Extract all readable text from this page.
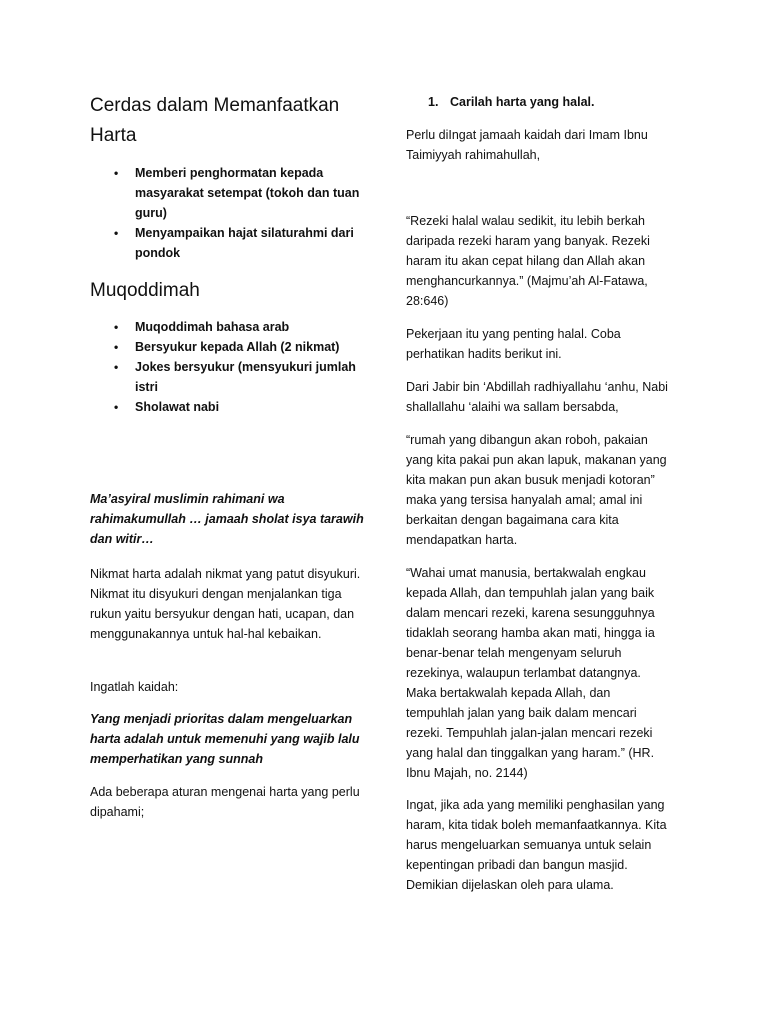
Cerdas dalam Memanfaatkan Harta
• Memberi penghormatan kepada masyarakat setempat (tokoh dan tuan guru)
• Menyampaikan hajat silaturahmi dari pondok
Muqoddimah
• Muqoddimah bahasa arab
• Bersyukur kepada Allah (2 nikmat)
• Jokes bersyukur (mensyukuri jumlah istri
• Sholawat nabi

Ma’asyiral muslimin rahimani wa rahimakumullah … jamaah sholat isya tarawih dan witir…

Nikmat harta adalah nikmat yang patut disyukuri. Nikmat itu disyukuri dengan menjalankan tiga rukun yaitu bersyukur dengan hati, ucapan, dan menggunakannya untuk hal-hal kebaikan.

Ingatlah kaidah:

Yang menjadi prioritas dalam mengeluarkan harta adalah untuk memenuhi yang wajib lalu memperhatikan yang sunnah

Ada beberapa aturan mengenai harta yang perlu dipahami;

1. Carilah harta yang halal.

Perlu diIngat jamaah kaidah dari Imam Ibnu Taimiyyah rahimahullah,

“Rezeki halal walau sedikit, itu lebih berkah daripada rezeki haram yang banyak. Rezeki haram itu akan cepat hilang dan Allah akan menghancurkannya.” (Majmu’ah Al-Fatawa, 28:646)

Pekerjaan itu yang penting halal. Coba perhatikan hadits berikut ini.

Dari Jabir bin ‘Abdillah radhiyallahu ‘anhu, Nabi shallallahu ‘alaihi wa sallam bersabda,

“rumah yang dibangun akan roboh, pakaian yang kita pakai pun akan lapuk, makanan yang kita makan pun akan busuk menjadi kotoran” maka yang tersisa hanyalah amal; amal ini berkaitan dengan bagaimana cara kita mendapatkan harta.

“Wahai umat manusia, bertakwalah engkau kepada Allah, dan tempuhlah jalan yang baik dalam mencari rezeki, karena sesungguhnya tidaklah seorang hamba akan mati, hingga ia benar-benar telah mengenyam seluruh rezekinya, walaupun terlambat datangnya. Maka bertakwalah kepada Allah, dan tempuhlah jalan yang baik dalam mencari rezeki. Tempuhlah jalan-jalan mencari rezeki yang halal dan tinggalkan yang haram.” (HR. Ibnu Majah, no. 2144)

Ingat, jika ada yang memiliki penghasilan yang haram, kita tidak boleh memanfaatkannya. Kita harus mengeluarkan semuanya untuk selain kepentingan pribadi dan bangun masjid. Demikian dijelaskan oleh para ulama.
